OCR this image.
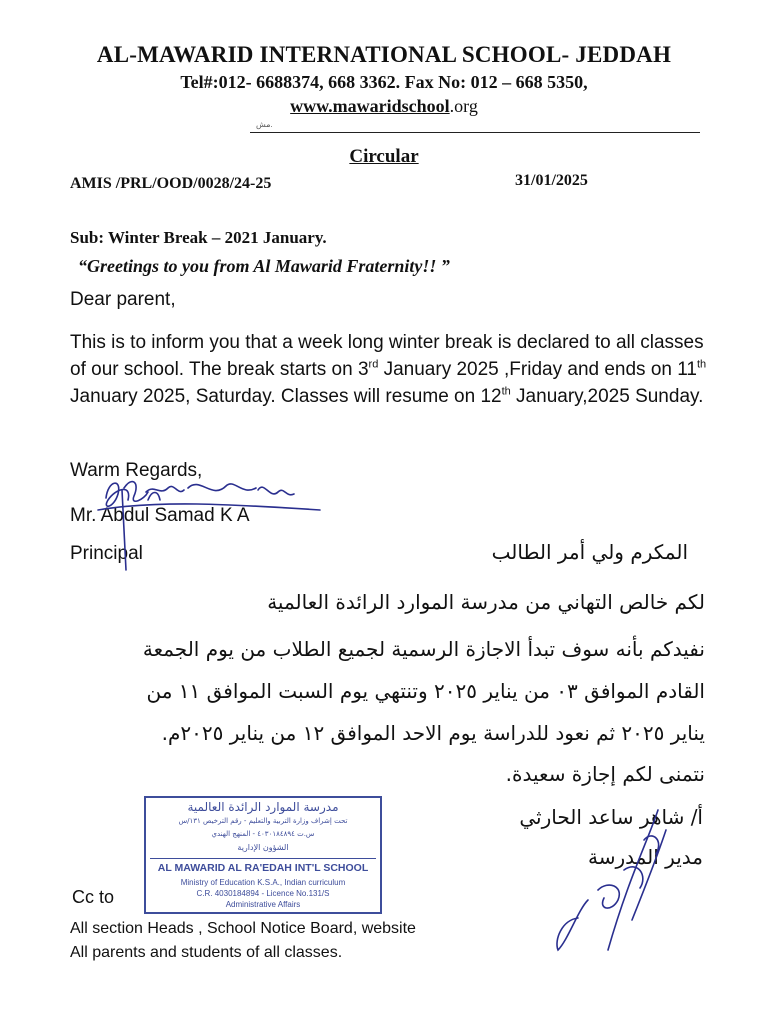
AL-MAWARID INTERNATIONAL SCHOOL- JEDDAH
Tel#:012- 6688374, 668 3362. Fax No: 012 – 668 5350,
www.mawaridschool.org
مش.
Circular
AMIS /PRL/OOD/0028/24-25	31/01/2025
Sub: Winter Break – 2021 January.
“Greetings to you from Al Mawarid Fraternity!! ”
Dear parent,
This is to inform you that a week long winter break is declared to all classes of our school. The break starts on 3rd January 2025 ,Friday and ends on 11th January 2025, Saturday. Classes will resume on 12th January,2025 Sunday.
Warm Regards,
Mr. Abdul Samad K A
Principal	المكرم ولي أمر الطالب
لكم خالص التهاني من مدرسة الموارد الرائدة العالمية
نفيدكم بأنه سوف تبدأ الاجازة الرسمية لجميع الطلاب من يوم الجمعة
القادم الموافق ٠٣ من يناير ٢٠٢٥ وتنتهي يوم السبت الموافق ١١ من
يناير ٢٠٢٥ ثم نعود للدراسة يوم الاحد الموافق ١٢ من يناير ٢٠٢٥م.
نتمنى لكم إجازة سعيدة.
أ/ شاهر ساعد الحارثي
مدير المدرسة
مدرسة الموارد الرائدة العالمية
تحت إشراف وزارة التربية والتعليم - رقم الترخيص ١٣١/س
س.ت ٤٠٣٠١٨٤٨٩٤ - المنهج الهندي
الشؤون الإدارية
AL MAWARID AL RA'EDAH INT'L SCHOOL
Ministry of Education K.S.A., Indian curriculum
C.R. 4030184894 - Licence No.131/S
Administrative Affairs
Cc to
All section Heads , School Notice Board, website
All parents and students of all classes.
